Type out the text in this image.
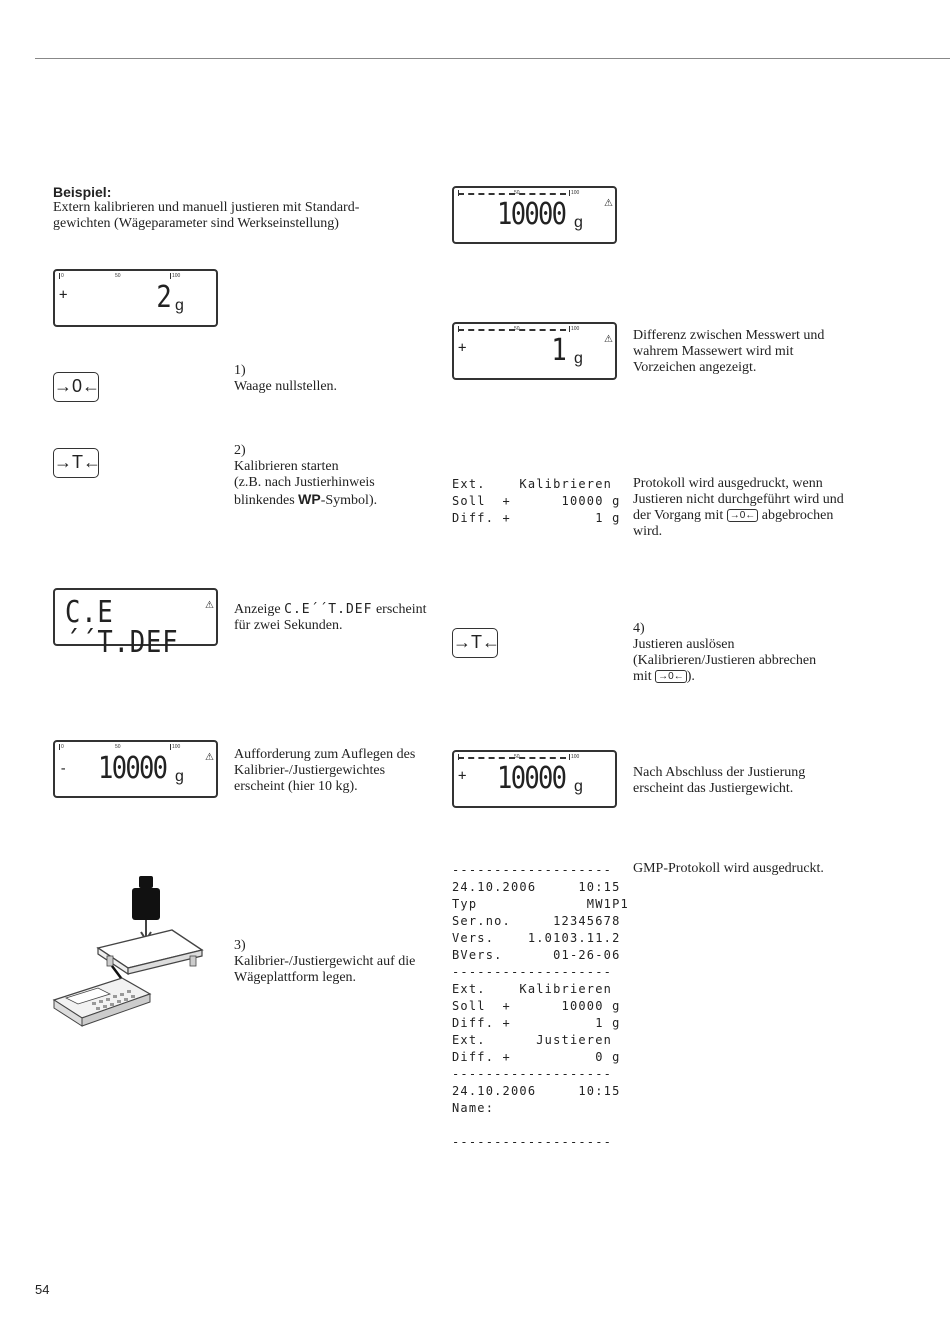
Beispiel:
Extern kalibrieren und manuell justieren mit Standard-
gewichten (Wägeparameter sind Werkseinstellung)
0	50	100
+	2 g
→0←
1)
Waage nullstellen.
→T←
2)
Kalibrieren starten
(z.B. nach Justierhinweis
blinkendes WP-Symbol).
C.E´´T.DEF
⚠ Anzeige C.E´´T.DEF erscheint
für zwei Sekunden.
0	50	100
⚠
- 10000 g
Aufforderung zum Auflegen des
Kalibrier-/Justiergewichtes
erscheint (hier 10 kg).
3)
Kalibrier-/Justiergewicht auf die
Wägeplattform legen.
50	100
⚠
10000 g
50	100
⚠
+	1 g
Differenz zwischen Messwert und
wahrem Massewert wird mit
Vorzeichen angezeigt.
Ext.    Kalibrieren
Soll  +      10000 g
Diff. +          1 g
Protokoll wird ausgedruckt, wenn
Justieren nicht durchgeführt wird und
der Vorgang mit →0← abgebrochen
wird.
→T←
4)
Justieren auslösen
(Kalibrieren/Justieren abbrechen
mit →0← ).
50	100
+ 10000 g
Nach Abschluss der Justierung
erscheint das Justiergewicht.
-------------------
24.10.2006     10:15
Typ             MW1P1
Ser.no.     12345678
Vers.    1.0103.11.2
BVers.      01-26-06
-------------------
Ext.    Kalibrieren
Soll  +      10000 g
Diff. +          1 g
Ext.      Justieren
Diff. +          0 g
-------------------
24.10.2006     10:15
Name:

-------------------
GMP-Protokoll wird ausgedruckt.
54
